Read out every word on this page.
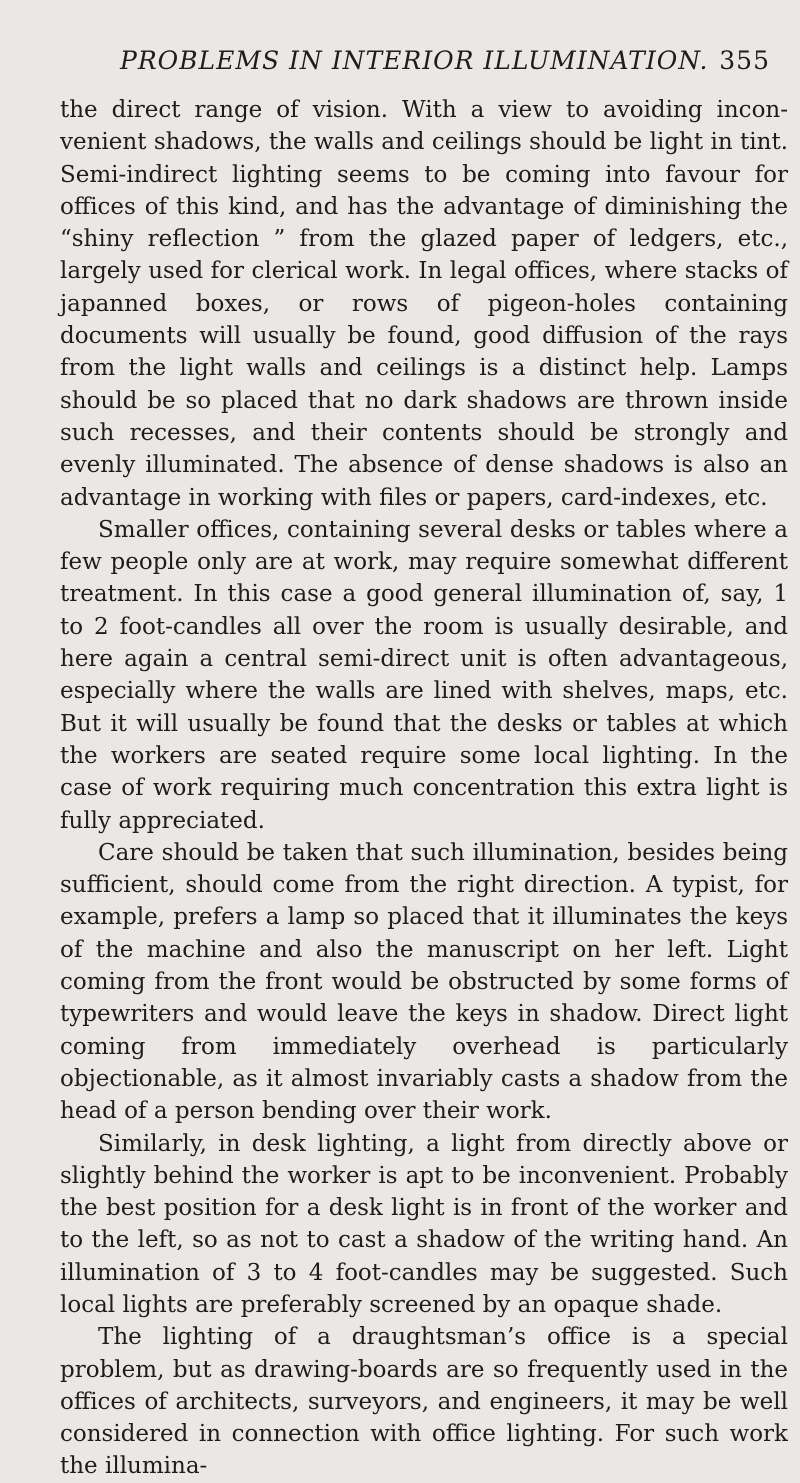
PROBLEMS IN INTERIOR ILLUMINATION. 355

the direct range of vision. With a view to avoiding incon-venient shadows, the walls and ceilings should be light in tint. Semi-indirect lighting seems to be coming into favour for offices of this kind, and has the advantage of diminishing the “shiny reflection ” from the glazed paper of ledgers, etc., largely used for clerical work. In legal offices, where stacks of japanned boxes, or rows of pigeon-holes containing documents will usually be found, good diffusion of the rays from the light walls and ceilings is a distinct help. Lamps should be so placed that no dark shadows are thrown inside such recesses, and their contents should be strongly and evenly illuminated. The absence of dense shadows is also an advantage in working with files or papers, card-indexes, etc.

Smaller offices, containing several desks or tables where a few people only are at work, may require somewhat different treatment. In this case a good general illumination of, say, 1 to 2 foot-candles all over the room is usually desirable, and here again a central semi-direct unit is often advantageous, especially where the walls are lined with shelves, maps, etc. But it will usually be found that the desks or tables at which the workers are seated require some local lighting. In the case of work requiring much concentration this extra light is fully appreciated.

Care should be taken that such illumination, besides being sufficient, should come from the right direction. A typist, for example, prefers a lamp so placed that it illuminates the keys of the machine and also the manuscript on her left. Light coming from the front would be obstructed by some forms of typewriters and would leave the keys in shadow. Direct light coming from immediately overhead is particularly objectionable, as it almost invariably casts a shadow from the head of a person bending over their work.

Similarly, in desk lighting, a light from directly above or slightly behind the worker is apt to be inconvenient. Probably the best position for a desk light is in front of the worker and to the left, so as not to cast a shadow of the writing hand. An illumination of 3 to 4 foot-candles may be suggested. Such local lights are preferably screened by an opaque shade.

The lighting of a draughtsman’s office is a special problem, but as drawing-boards are so frequently used in the offices of architects, surveyors, and engineers, it may be well considered in connection with office lighting. For such work the illumina-
